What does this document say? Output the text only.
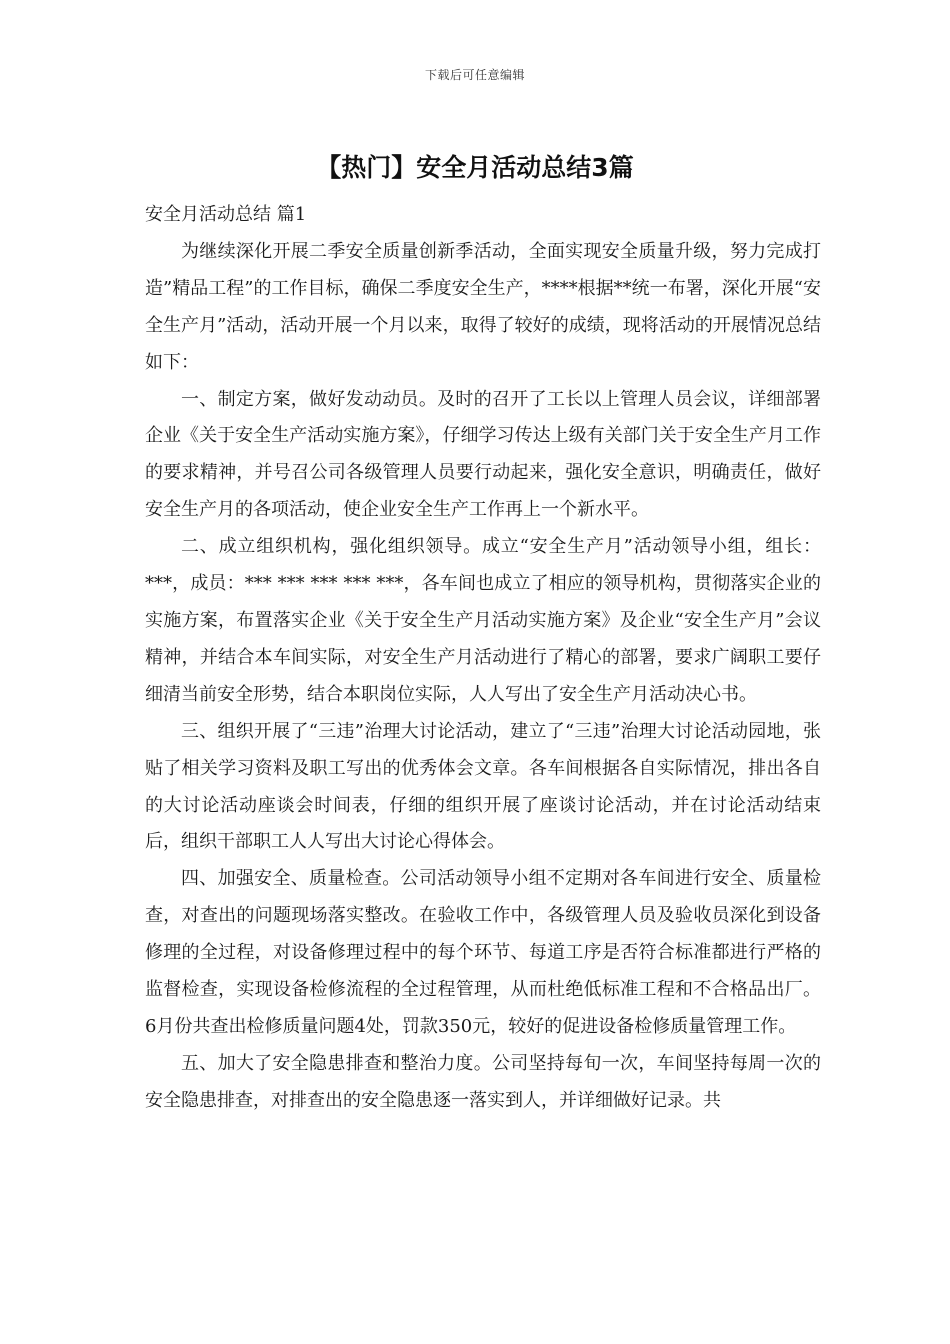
下载后可任意编辑
【热门】安全月活动总结3篇

安全月活动总结 篇1

为继续深化开展二季安全质量创新季活动，全面实现安全质量升级，努力完成打造”精品工程”的工作目标，确保二季度安全生产，****根据**统一布署，深化开展“安全生产月”活动，活动开展一个月以来，取得了较好的成绩，现将活动的开展情况总结如下：

一、制定方案，做好发动动员。及时的召开了工长以上管理人员会议，详细部署企业《关于安全生产活动实施方案》，仔细学习传达上级有关部门关于安全生产月工作的要求精神，并号召公司各级管理人员要行动起来，强化安全意识，明确责任，做好安全生产月的各项活动，使企业安全生产工作再上一个新水平。

二、成立组织机构，强化组织领导。成立“安全生产月”活动领导小组，组长：***，成员：*** *** *** *** ***，各车间也成立了相应的领导机构，贯彻落实企业的实施方案，布置落实企业《关于安全生产月活动实施方案》及企业“安全生产月”会议精神，并结合本车间实际，对安全生产月活动进行了精心的部署，要求广阔职工要仔细清当前安全形势，结合本职岗位实际，人人写出了安全生产月活动决心书。

三、组织开展了“三违”治理大讨论活动，建立了“三违”治理大讨论活动园地，张贴了相关学习资料及职工写出的优秀体会文章。各车间根据各自实际情况，排出各自的大讨论活动座谈会时间表，仔细的组织开展了座谈讨论活动，并在讨论活动结束后，组织干部职工人人写出大讨论心得体会。

四、加强安全、质量检查。公司活动领导小组不定期对各车间进行安全、质量检查，对查出的问题现场落实整改。在验收工作中，各级管理人员及验收员深化到设备修理的全过程，对设备修理过程中的每个环节、每道工序是否符合标准都进行严格的监督检查，实现设备检修流程的全过程管理，从而杜绝低标准工程和不合格品出厂。6月份共查出检修质量问题4处，罚款350元，较好的促进设备检修质量管理工作。

五、加大了安全隐患排查和整治力度。公司坚持每旬一次，车间坚持每周一次的安全隐患排查，对排查出的安全隐患逐一落实到人，并详细做好记录。共
